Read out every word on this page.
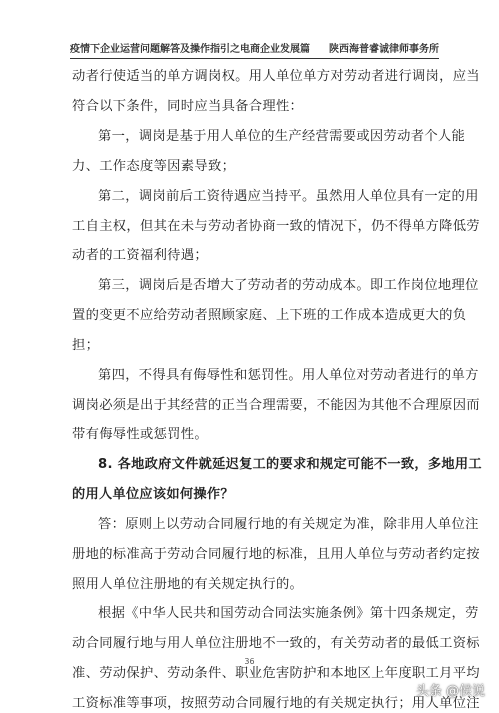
疫情下企业运营问题解答及操作指引之电商企业发展篇 陕西海普睿诚律师事务所
动者行使适当的单方调岗权。用人单位单方对劳动者进行调岗，应当
符合以下条件，同时应当具备合理性：
第一，调岗是基于用人单位的生产经营需要或因劳动者个人能
力、工作态度等因素导致；
第二，调岗前后工资待遇应当持平。虽然用人单位具有一定的用
工自主权，但其在未与劳动者协商一致的情况下，仍不得单方降低劳
动者的工资福利待遇；
第三，调岗后是否增大了劳动者的劳动成本。即工作岗位地理位
置的变更不应给劳动者照顾家庭、上下班的工作成本造成更大的负
担；
第四，不得具有侮辱性和惩罚性。用人单位对劳动者进行的单方
调岗必须是出于其经营的正当合理需要，不能因为其他不合理原因而
带有侮辱性或惩罚性。
8. 各地政府文件就延迟复工的要求和规定可能不一致，多地用工
的用人单位应该如何操作？
答：原则上以劳动合同履行地的有关规定为准，除非用人单位注
册地的标准高于劳动合同履行地的标准，且用人单位与劳动者约定按
照用人单位注册地的有关规定执行的。
根据《中华人民共和国劳动合同法实施条例》第十四条规定，劳
动合同履行地与用人单位注册地不一致的，有关劳动者的最低工资标
准、劳动保护、劳动条件、职业危害防护和本地区上年度职工月平均
工资标准等事项，按照劳动合同履行地的有关规定执行；用人单位注
36
头条 @侯说
